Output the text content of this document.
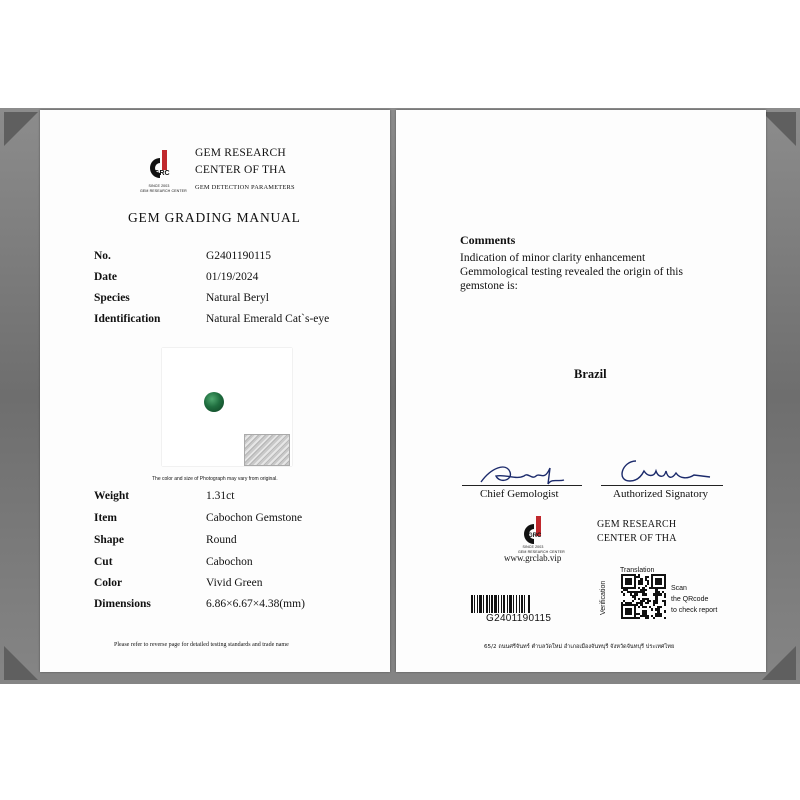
GRC
SINCE 2003
GEM RESEARCH CENTER
GEM RESEARCH
CENTER OF THA
GEM DETECTION PARAMETERS
GEM GRADING MANUAL
No.	G2401190115
Date	01/19/2024
Species	Natural Beryl
Identification	Natural Emerald Cat`s-eye
The color and size of Photograph may vary from original.
Weight	1.31ct
Item	Cabochon Gemstone
Shape	Round
Cut	Cabochon
Color	Vivid Green
Dimensions	6.86×6.67×4.38(mm)
Please refer to reverse page for detailed testing standards and trade name
Comments
Indication of minor clarity enhancement
Gemmological testing revealed the origin of this
gemstone is:
Brazil
Chief Gemologist	Authorized Signatory
GRC
SINCE 2003
GEM RESEARCH CENTER
www.grclab.vip
GEM RESEARCH
CENTER OF THA
G2401190115
Translation
Verification	Scan
the QRcode
to check report
65/2 ถนนศรีจันทร์ ตำบลวัดใหม่ อำเภอเมืองจันทบุรี จังหวัดจันทบุรี ประเทศไทย
